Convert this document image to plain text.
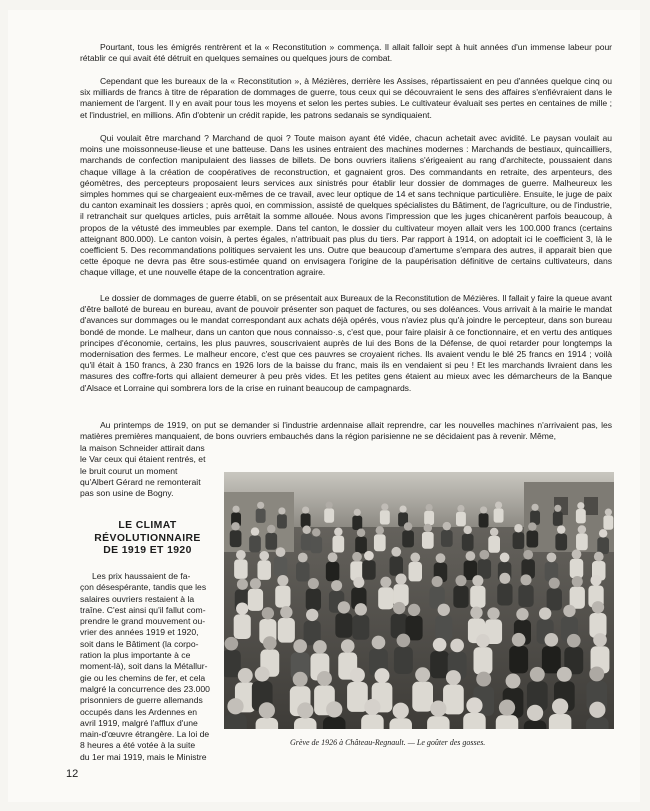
Pourtant, tous les émigrés rentrèrent et la « Reconstitution » commença. Il allait falloir sept à huit années d'un immense labeur pour rétablir ce qui avait été détruit en quelques semaines ou quelques jours de combat.

Cependant que les bureaux de la « Reconstitution », à Mézières, derrière les Assises, répartissaient en peu d'années quelque cinq ou six milliards de francs à titre de réparation de dommages de guerre, tous ceux qui se découvraient le sens des affaires s'enfiévraient dans le maniement de l'argent. Il y en avait pour tous les moyens et selon les pertes subies. Le cultivateur évaluait ses pertes en centaines de mille ; et l'industriel, en millions. Afin d'obtenir un crédit rapide, les patrons sedanais se syndiquaient.

Qui voulait être marchand ? Marchand de quoi ? Toute maison ayant été vidée, chacun achetait avec avidité. Le paysan voulait au moins une moissonneuse-lieuse et une batteuse. Dans les usines entraient des machines modernes : Marchands de bestiaux, quincailliers, marchands de confection manipulaient des liasses de billets. De bons ouvriers italiens s'érigeaient au rang d'architecte, poussaient dans chaque village à la création de coopératives de reconstruction, et gagnaient gros. Des commandants en retraite, des arpenteurs, des géomètres, des percepteurs proposaient leurs services aux sinistrés pour établir leur dossier de dommages de guerre. Malheureux les simples hommes qui se chargeaient eux-mêmes de ce travail, avec leur optique de 14 et sans technique particulière. Ensuite, le juge de paix du canton examinait les dossiers ; après quoi, en commission, assisté de quelques spécialistes du Bâtiment, de l'agriculture, ou de l'industrie, il retranchait sur quelques articles, puis arrêtait la somme allouée. Nous avons l'impression que les juges chicanèrent parfois beaucoup, à propos de la vétusté des immeubles par exemple. Dans tel canton, le dossier du cultivateur moyen allait vers les 100.000 francs (certains atteignant 800.000). Le canton voisin, à pertes égales, n'attribuait pas plus du tiers. Par rapport à 1914, on adoptait ici le coefficient 3, là le coefficient 5. Des recommandations politiques servaient les uns. Outre que beaucoup d'amertume s'empara des autres, il apparait bien que cette époque ne devra pas être sous-estimée quand on envisagera l'origine de la paupérisation définitive de certains cultivateurs, dans chaque village, et une nouvelle étape de la concentration agraire.

Le dossier de dommages de guerre établi, on se présentait aux Bureaux de la Reconstitution de Mézières. Il fallait y faire la queue avant d'être balloté de bureau en bureau, avant de pouvoir présenter son paquet de factures, ou ses doléances. Vous arrivait à la mairie le mandat d'avances sur dommages ou le mandat correspondant aux achats déjà opérés, vous n'aviez plus qu'à joindre le percepteur, dans son bureau bondé de monde. Le malheur, dans un canton que nous connaisso·.s, c'est que, pour faire plaisir à ce fonctionnaire, et en vertu des antiques principes d'économie, certains, les plus pauvres, souscrivaient auprès de lui des Bons de la Défense, de quoi retarder pour longtemps la modernisation des fermes. Le malheur encore, c'est que ces pauvres se croyaient riches. Ils avaient vendu le blé 25 francs en 1914 ; voilà qu'il était à 150 francs, à 230 francs en 1926 lors de la baisse du franc, mais ils en vendaient si peu ! Et les marchands livraient dans les masures des coffre-forts qui allaient demeurer à peu près vides. Et les petites gens étaient au mieux avec les démarcheurs de la Banque d'Alsace et Lorraine qui sombrera lors de la crise en ruinant beaucoup de campagnards.

Au printemps de 1919, on put se demander si l'industrie ardennaise allait reprendre, car les nouvelles machines n'arrivaient pas, les matières premières manquaient, de bons ouvriers embauchés dans la région parisienne ne se décidaient pas à revenir. Même,

la maison Schneider attirait dans
le Var ceux qui étaient rentrés, et
le bruit courut un moment
qu'Albert Gérard ne remonterait
pas son usine de Bogny.
LE CLIMAT
RÉVOLUTIONNAIRE
DE 1919 ET 1920
Les prix haussaient de fa-
çon désespérante, tandis que les
salaires ouvriers restaient à la
traîne. C'est ainsi qu'il fallut com-
prendre le grand mouvement ou-
vrier des années 1919 et 1920,
soit dans le Bâtiment (la corpo-
ration la plus importante à ce
moment-là), soit dans la Métallur-
gie ou les chemins de fer, et cela
malgré la concurrence des 23.000
prisonniers de guerre allemands
occupés dans les Ardennes en
avril 1919, malgré l'afflux d'une
main-d'œuvre étrangère. La loi de
8 heures a été votée à la suite
du 1er mai 1919, mais le Ministre
Grève de 1926 à Château-Regnault. — Le goûter des gosses.
12
